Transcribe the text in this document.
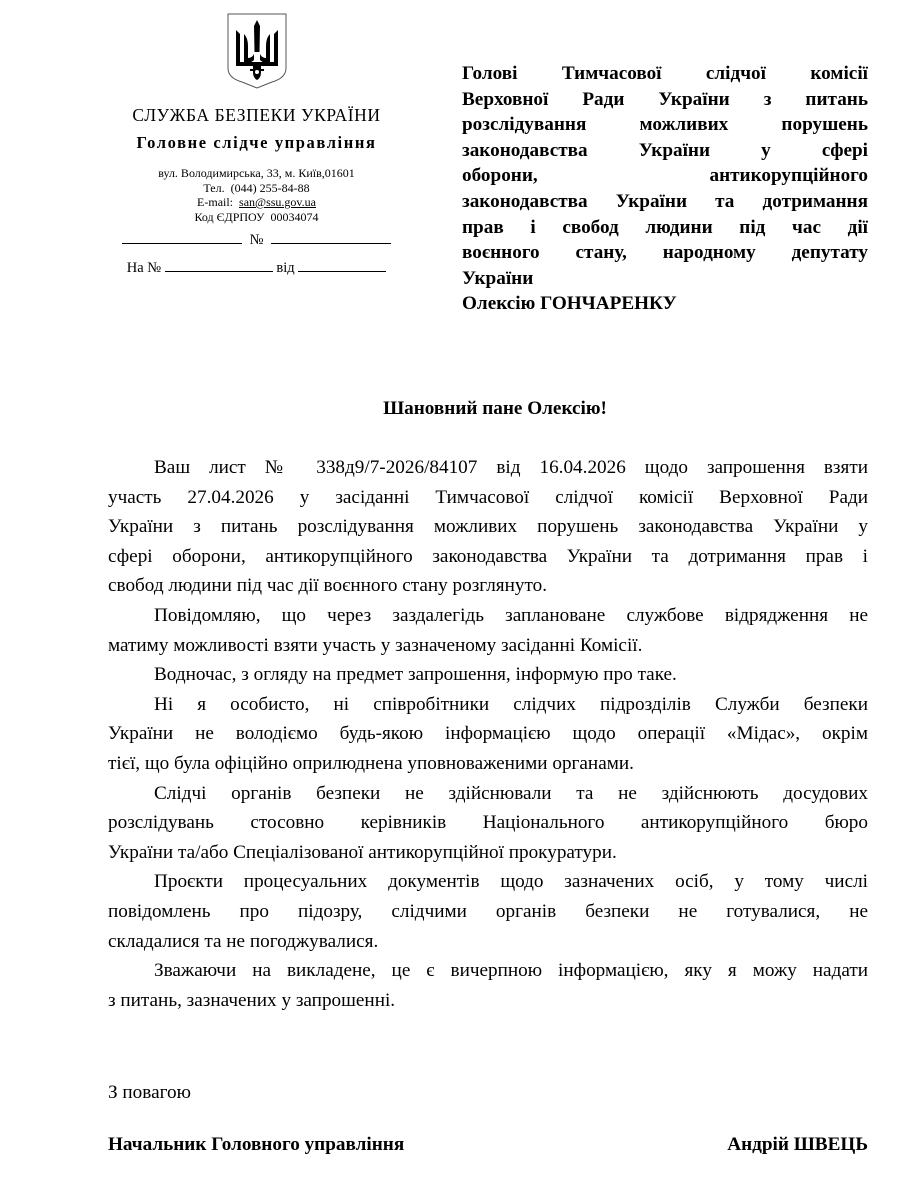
СЛУЖБА БЕЗПЕКИ УКРАЇНИ
Головне слідче управління
вул. Володимирська, 33, м. Київ,01601
Тел. (044) 255-84-88
E-mail: san@ssu.gov.ua
Код ЄДРПОУ 00034074
№
На №	від
Голові Тимчасової слідчої комісії
Верховної Ради України з питань
розслідування можливих порушень
законодавства України у сфері
оборони, антикорупційного
законодавства України та дотримання
прав і свобод людини під час дії
воєнного стану, народному депутату
України
Олексію ГОНЧАРЕНКУ
Шановний пане Олексію!

Ваш лист № 338д9/7-2026/84107 від 16.04.2026 щодо запрошення взяти
участь 27.04.2026 у засіданні Тимчасової слідчої комісії Верховної Ради
України з питань розслідування можливих порушень законодавства України у
сфері оборони, антикорупційного законодавства України та дотримання прав і
свобод людини під час дії воєнного стану розглянуто.

Повідомляю, що через заздалегідь заплановане службове відрядження не
матиму можливості взяти участь у зазначеному засіданні Комісії.

Водночас, з огляду на предмет запрошення, інформую про таке.

Ні я особисто, ні співробітники слідчих підрозділів Служби безпеки
України не володіємо будь-якою інформацією щодо операції «Мідас», окрім
тієї, що була офіційно оприлюднена уповноваженими органами.

Слідчі органів безпеки не здійснювали та не здійснюють досудових
розслідувань стосовно керівників Національного антикорупційного бюро
України та/або Спеціалізованої антикорупційної прокуратури.

Проєкти процесуальних документів щодо зазначених осіб, у тому числі
повідомлень про підозру, слідчими органів безпеки не готувалися, не
складалися та не погоджувалися.

Зважаючи на викладене, це є вичерпною інформацією, яку я можу надати
з питань, зазначених у запрошенні.

З повагою
Начальник Головного управління	Андрій ШВЕЦЬ
